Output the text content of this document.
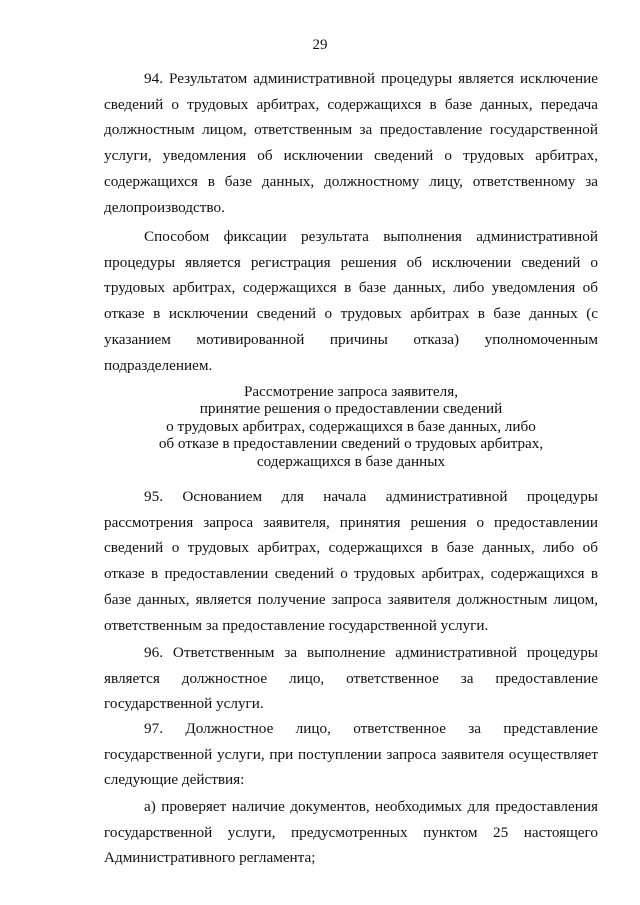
29

94. Результатом административной процедуры является исключение сведений о трудовых арбитрах, содержащихся в базе данных, передача должностным лицом, ответственным за предоставление государственной услуги, уведомления об исключении сведений о трудовых арбитрах, содержащихся в базе данных, должностному лицу, ответственному за делопроизводство.

Способом фиксации результата выполнения административной процедуры является регистрация решения об исключении сведений о трудовых арбитрах, содержащихся в базе данных, либо уведомления об отказе в исключении сведений о трудовых арбитрах в базе данных (с указанием мотивированной причины отказа) уполномоченным подразделением.

Рассмотрение запроса заявителя,
принятие решения о предоставлении сведений
о трудовых арбитрах, содержащихся в базе данных, либо
об отказе в предоставлении сведений о трудовых арбитрах,
содержащихся в базе данных

95. Основанием для начала административной процедуры рассмотрения запроса заявителя, принятия решения о предоставлении сведений о трудовых арбитрах, содержащихся в базе данных, либо об отказе в предоставлении сведений о трудовых арбитрах, содержащихся в базе данных, является получение запроса заявителя должностным лицом, ответственным за предоставление государственной услуги.

96. Ответственным за выполнение административной процедуры является должностное лицо, ответственное за предоставление государственной услуги.

97. Должностное лицо, ответственное за представление государственной услуги, при поступлении запроса заявителя осуществляет следующие действия:

а) проверяет наличие документов, необходимых для предоставления государственной услуги, предусмотренных пунктом 25 настоящего Административного регламента;
